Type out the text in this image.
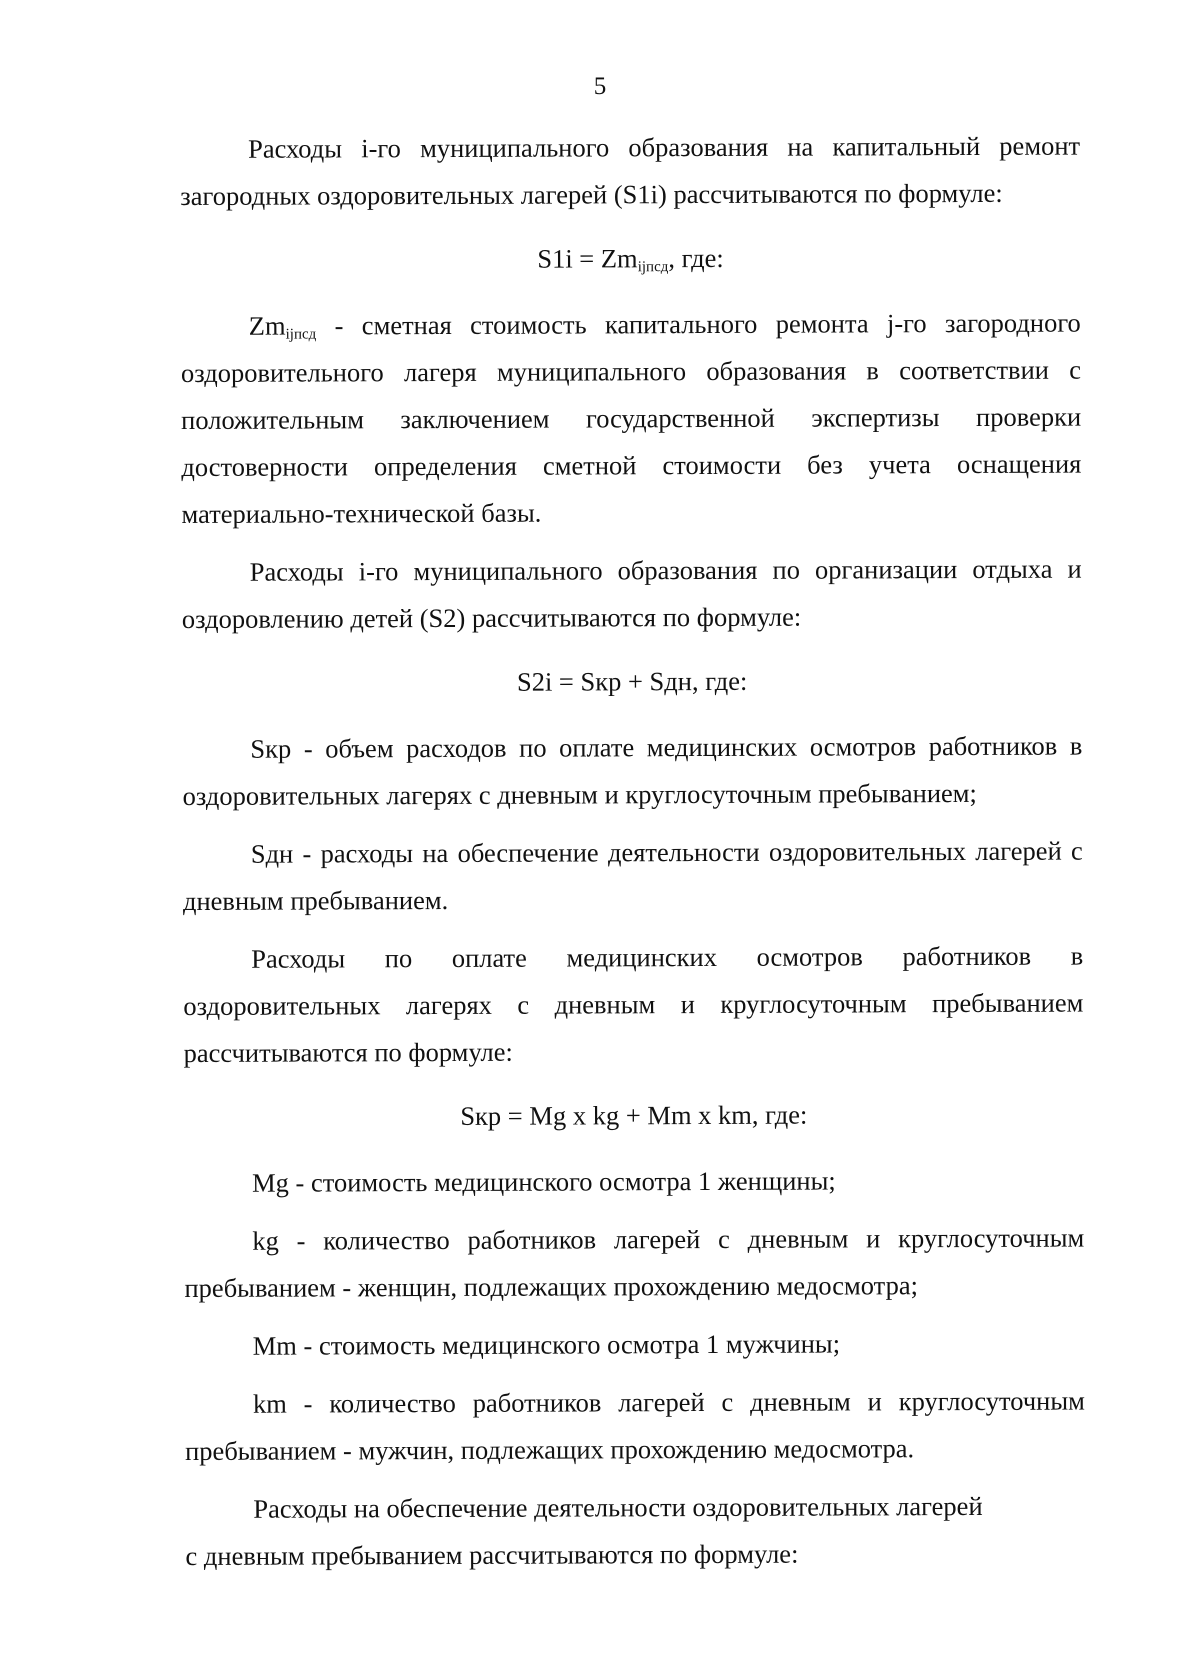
5

Расходы i-го муниципального образования на капитальный ремонт загородных оздоровительных лагерей (S1i) рассчитываются по формуле:

$S1i = Zm_{ijпсд}$, где:

$Zm_{ijпсд}$ - сметная стоимость капитального ремонта j-го загородного оздоровительного лагеря муниципального образования в соответствии с положительным заключением государственной экспертизы проверки достоверности определения сметной стоимости без учета оснащения материально-технической базы.

Расходы i-го муниципального образования по организации отдыха и оздоровлению детей (S2) рассчитываются по формуле:

S2i = Sкр + Sдн, где:

Sкр - объем расходов по оплате медицинских осмотров работников в оздоровительных лагерях с дневным и круглосуточным пребыванием;

Sдн - расходы на обеспечение деятельности оздоровительных лагерей с дневным пребыванием.

Расходы по оплате медицинских осмотров работников в оздоровительных лагерях с дневным и круглосуточным пребыванием рассчитываются по формуле:

Sкр = Mg x kg + Mm x km, где:

Mg - стоимость медицинского осмотра 1 женщины;

kg - количество работников лагерей с дневным и круглосуточным пребыванием - женщин, подлежащих прохождению медосмотра;

Mm - стоимость медицинского осмотра 1 мужчины;

km - количество работников лагерей с дневным и круглосуточным пребыванием - мужчин, подлежащих прохождению медосмотра.

Расходы на обеспечение деятельности оздоровительных лагерей
с дневным пребыванием рассчитываются по формуле:
